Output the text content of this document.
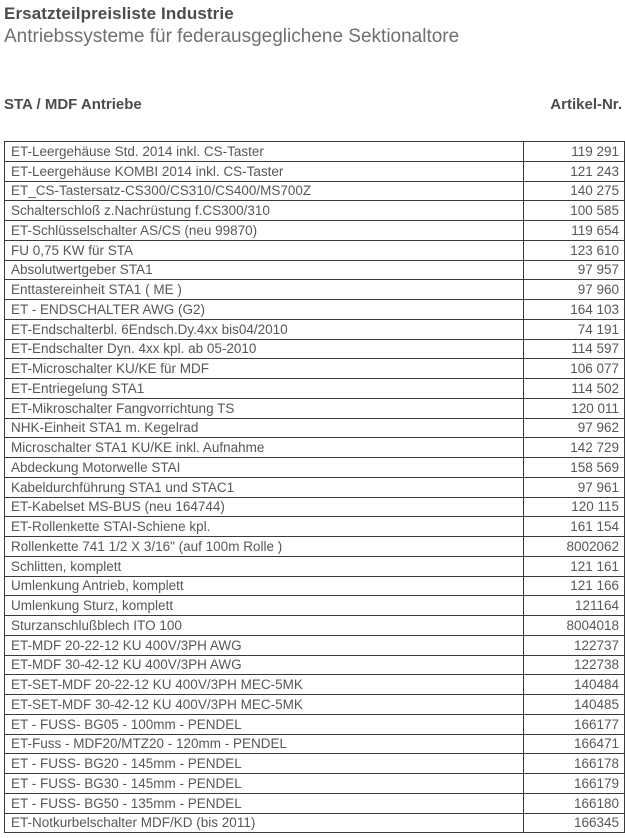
Ersatzteilpreisliste Industrie
Antriebssysteme für federausgeglichene Sektionaltore
STA / MDF Antriebe	Artikel-Nr.
ET-Leergehäuse Std. 2014 inkl. CS-Taster	119 291
ET-Leergehäuse KOMBI 2014 inkl. CS-Taster	121 243
ET_CS-Tastersatz-CS300/CS310/CS400/MS700Z	140 275
Schalterschloß z.Nachrüstung f.CS300/310	100 585
ET-Schlüsselschalter AS/CS (neu 99870)	119 654
FU 0,75 KW für STA	123 610
Absolutwertgeber STA1	97 957
Enttastereinheit STA1 ( ME )	97 960
ET - ENDSCHALTER AWG (G2)	164 103
ET-Endschalterbl. 6Endsch.Dy.4xx bis04/2010	74 191
ET-Endschalter Dyn. 4xx kpl. ab 05-2010	114 597
ET-Microschalter KU/KE für MDF	106 077
ET-Entriegelung STA1	114 502
ET-Mikroschalter Fangvorrichtung TS	120 011
NHK-Einheit STA1 m. Kegelrad	97 962
Microschalter STA1 KU/KE inkl. Aufnahme	142 729
Abdeckung Motorwelle STAI	158 569
Kabeldurchführung STA1 und STAC1	97 961
ET-Kabelset MS-BUS (neu 164744)	120 115
ET-Rollenkette STAI-Schiene kpl.	161 154
Rollenkette 741 1/2 X 3/16" (auf 100m Rolle )	8002062
Schlitten, komplett	121 161
Umlenkung Antrieb, komplett	121 166
Umlenkung Sturz, komplett	121164
Sturzanschlußblech ITO 100	8004018
ET-MDF 20-22-12 KU 400V/3PH AWG	122737
ET-MDF 30-42-12 KU 400V/3PH AWG	122738
ET-SET-MDF 20-22-12 KU 400V/3PH MEC-5MK	140484
ET-SET-MDF 30-42-12 KU 400V/3PH MEC-5MK	140485
ET - FUSS- BG05 - 100mm - PENDEL	166177
ET-Fuss - MDF20/MTZ20 - 120mm - PENDEL	166471
ET - FUSS- BG20 - 145mm - PENDEL	166178
ET - FUSS- BG30 - 145mm - PENDEL	166179
ET - FUSS- BG50 - 135mm - PENDEL	166180
ET-Notkurbelschalter MDF/KD (bis 2011)	166345
